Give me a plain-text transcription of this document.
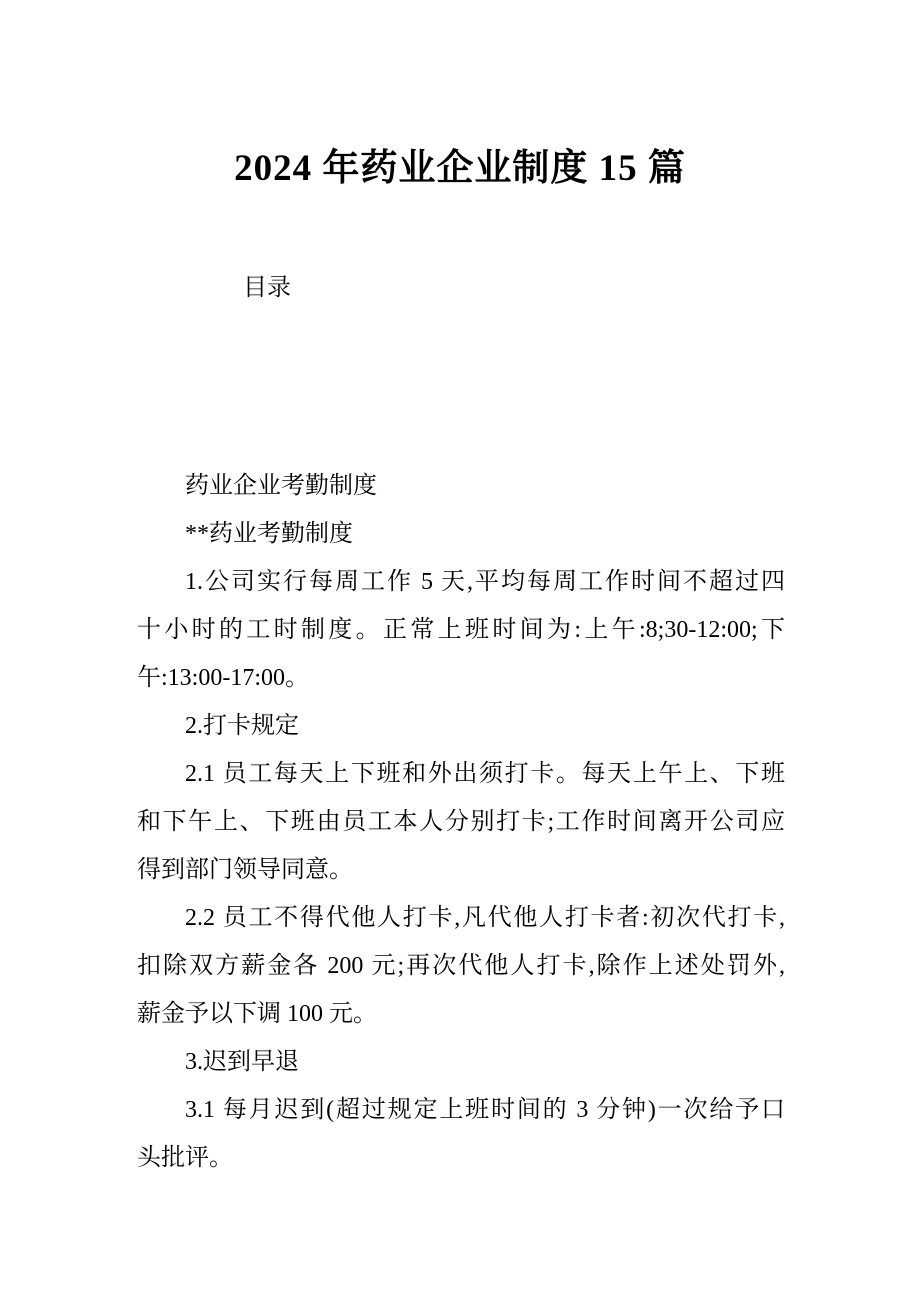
2024 年药业企业制度 15 篇
目录
药业企业考勤制度
**药业考勤制度
1.公司实行每周工作 5 天,平均每周工作时间不超过四
十小时的工时制度。正常上班时间为:上午:8;30-12:00;下
午:13:00-17:00。
2.打卡规定
2.1 员工每天上下班和外出须打卡。每天上午上、下班
和下午上、下班由员工本人分别打卡;工作时间离开公司应
得到部门领导同意。
2.2 员工不得代他人打卡,凡代他人打卡者:初次代打卡,
扣除双方薪金各 200 元;再次代他人打卡,除作上述处罚外,
薪金予以下调 100 元。
3.迟到早退
3.1 每月迟到(超过规定上班时间的 3 分钟)一次给予口
头批评。
